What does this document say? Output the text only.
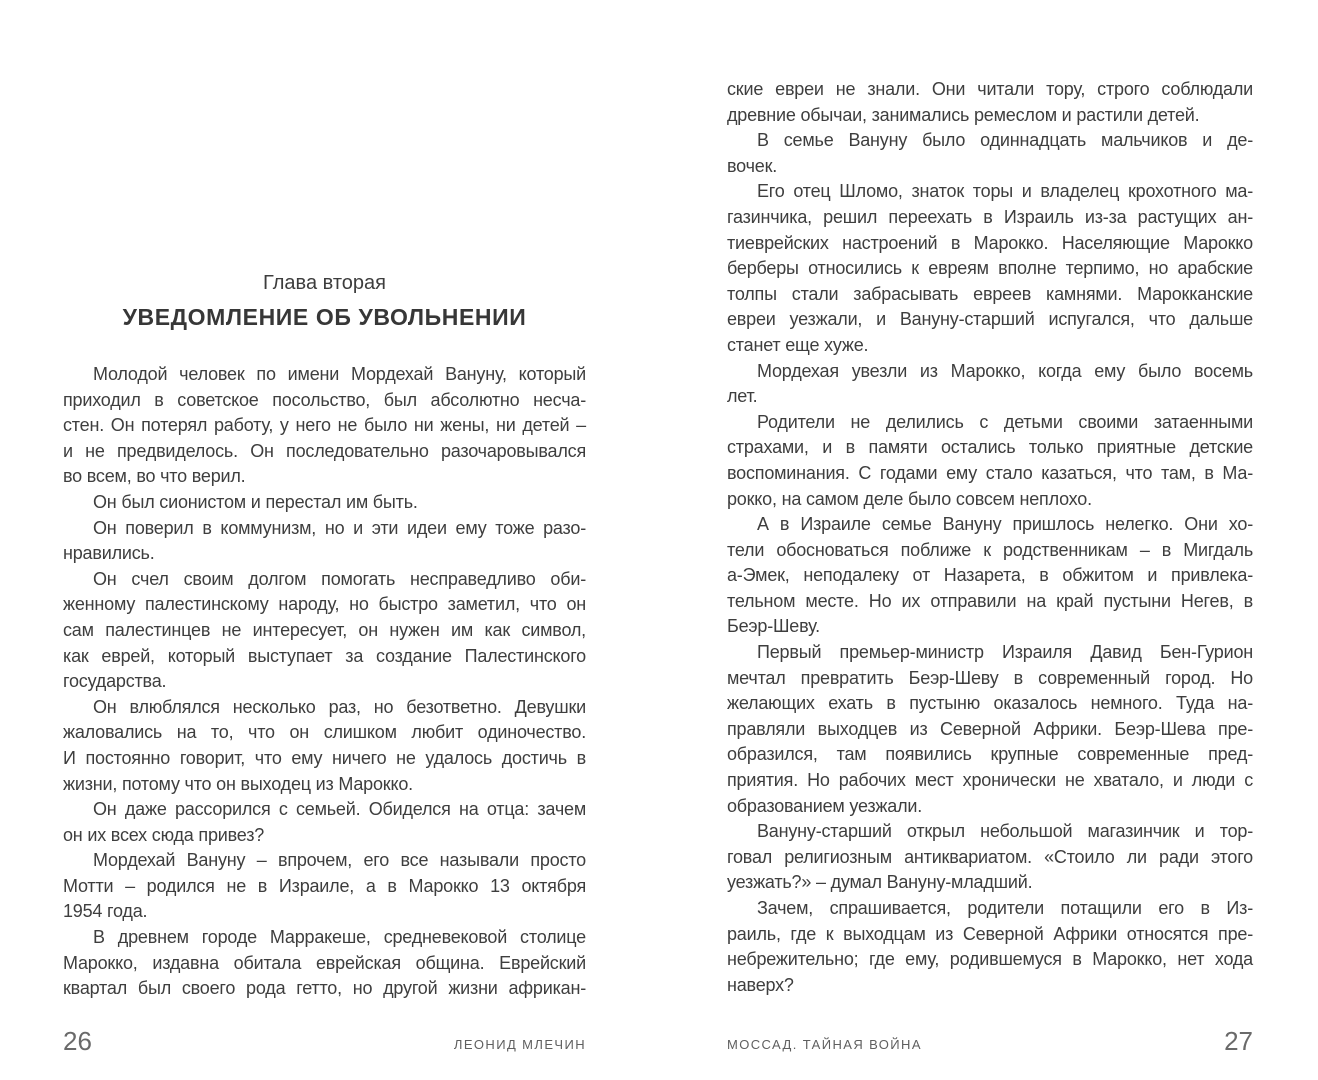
Глава вторая
УВЕДОМЛЕНИЕ ОБ УВОЛЬНЕНИИ
Молодой человек по имени Мордехай Вануну, который
приходил в советское посольство, был абсолютно несча-
стен. Он потерял работу, у него не было ни жены, ни детей –
и не предвиделось. Он последовательно разочаровывался
во всем, во что верил.
Он был сионистом и перестал им быть.
Он поверил в коммунизм, но и эти идеи ему тоже разо-
нравились.
Он счел своим долгом помогать несправедливо оби-
женному палестинскому народу, но быстро заметил, что он
сам палестинцев не интересует, он нужен им как символ,
как еврей, который выступает за создание Палестинского
государства.
Он влюблялся несколько раз, но безответно. Девушки
жаловались на то, что он слишком любит одиночество.
И постоянно говорит, что ему ничего не удалось достичь в
жизни, потому что он выходец из Марокко.
Он даже рассорился с семьей. Обиделся на отца: зачем
он их всех сюда привез?
Мордехай Вануну – впрочем, его все называли просто
Мотти – родился не в Израиле, а в Марокко 13 октября
1954 года.
В древнем городе Марракеше, средневековой столице
Марокко, издавна обитала еврейская община. Еврейский
квартал был своего рода гетто, но другой жизни африкан-
26	ЛЕОНИД МЛЕЧИН
ские евреи не знали. Они читали тору, строго соблюдали
древние обычаи, занимались ремеслом и растили детей.
В семье Вануну было одиннадцать мальчиков и де-
вочек.
Его отец Шломо, знаток торы и владелец крохотного ма-
газинчика, решил переехать в Израиль из-за растущих ан-
тиеврейских настроений в Марокко. Населяющие Марокко
берберы относились к евреям вполне терпимо, но арабские
толпы стали забрасывать евреев камнями. Марокканские
евреи уезжали, и Вануну-старший испугался, что дальше
станет еще хуже.
Мордехая увезли из Марокко, когда ему было восемь
лет.
Родители не делились с детьми своими затаенными
страхами, и в памяти остались только приятные детские
воспоминания. С годами ему стало казаться, что там, в Ма-
рокко, на самом деле было совсем неплохо.
А в Израиле семье Вануну пришлось нелегко. Они хо-
тели обосноваться поближе к родственникам – в Мигдаль
а-Эмек, неподалеку от Назарета, в обжитом и привлека-
тельном месте. Но их отправили на край пустыни Негев, в
Беэр-Шеву.
Первый премьер-министр Израиля Давид Бен-Гурион
мечтал превратить Беэр-Шеву в современный город. Но
желающих ехать в пустыню оказалось немного. Туда на-
правляли выходцев из Северной Африки. Беэр-Шева пре-
образился, там появились крупные современные пред-
приятия. Но рабочих мест хронически не хватало, и люди с
образованием уезжали.
Вануну-старший открыл небольшой магазинчик и тор-
говал религиозным антиквариатом. «Стоило ли ради этого
уезжать?» – думал Вануну-младший.
Зачем, спрашивается, родители потащили его в Из-
раиль, где к выходцам из Северной Африки относятся пре-
небрежительно; где ему, родившемуся в Марокко, нет хода
наверх?
27
МОССАД. ТАЙНАЯ ВОЙНА
